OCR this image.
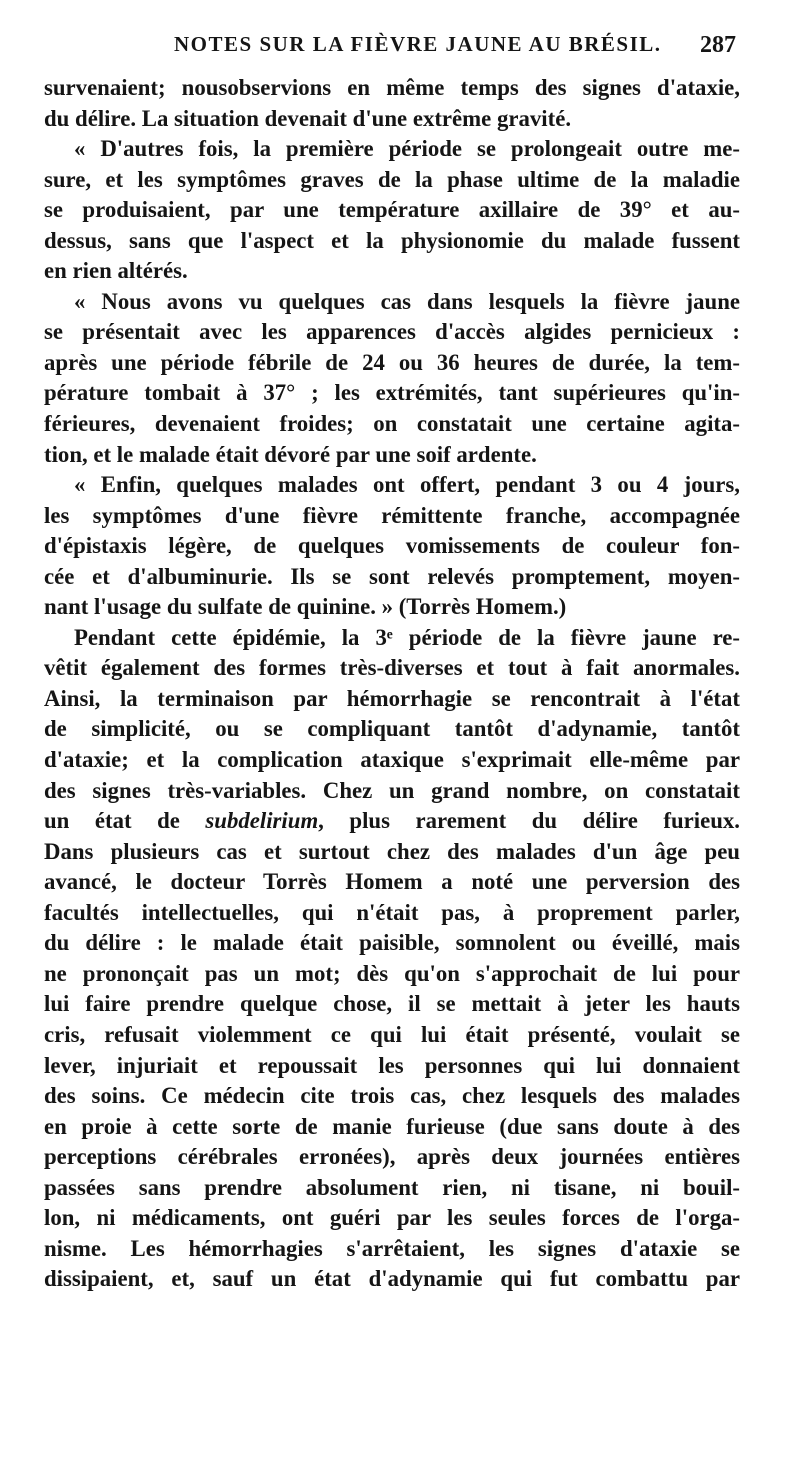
NOTES SUR LA FIÈVRE JAUNE AU BRÉSIL. 287
survenaient; nousobservions en même temps des signes d'ataxie,
du délire. La situation devenait d'une extrême gravité.
« D'autres fois, la première période se prolongeait outre me-
sure, et les symptômes graves de la phase ultime de la maladie
se produisaient, par une température axillaire de 39° et au-
dessus, sans que l'aspect et la physionomie du malade fussent
en rien altérés.
« Nous avons vu quelques cas dans lesquels la fièvre jaune
se présentait avec les apparences d'accès algides pernicieux :
après une période fébrile de 24 ou 36 heures de durée, la tem-
pérature tombait à 37° ; les extrémités, tant supérieures qu'in-
férieures, devenaient froides; on constatait une certaine agita-
tion, et le malade était dévoré par une soif ardente.
« Enfin, quelques malades ont offert, pendant 3 ou 4 jours,
les symptômes d'une fièvre rémittente franche, accompagnée
d'épistaxis légère, de quelques vomissements de couleur fon-
cée et d'albuminurie. Ils se sont relevés promptement, moyen-
nant l'usage du sulfate de quinine. » (Torrès Homem.)
Pendant cette épidémie, la 3ᵉ période de la fièvre jaune re-
vêtit également des formes très-diverses et tout à fait anormales.
Ainsi, la terminaison par hémorrhagie se rencontrait à l'état
de simplicité, ou se compliquant tantôt d'adynamie, tantôt
d'ataxie; et la complication ataxique s'exprimait elle-même par
des signes très-variables. Chez un grand nombre, on constatait
un état de subdelirium, plus rarement du délire furieux.
Dans plusieurs cas et surtout chez des malades d'un âge peu
avancé, le docteur Torrès Homem a noté une perversion des
facultés intellectuelles, qui n'était pas, à proprement parler,
du délire : le malade était paisible, somnolent ou éveillé, mais
ne prononçait pas un mot; dès qu'on s'approchait de lui pour
lui faire prendre quelque chose, il se mettait à jeter les hauts
cris, refusait violemment ce qui lui était présenté, voulait se
lever, injuriait et repoussait les personnes qui lui donnaient
des soins. Ce médecin cite trois cas, chez lesquels des malades
en proie à cette sorte de manie furieuse (due sans doute à des
perceptions cérébrales erronées), après deux journées entières
passées sans prendre absolument rien, ni tisane, ni bouil-
lon, ni médicaments, ont guéri par les seules forces de l'orga-
nisme. Les hémorrhagies s'arrêtaient, les signes d'ataxie se
dissipaient, et, sauf un état d'adynamie qui fut combattu par
